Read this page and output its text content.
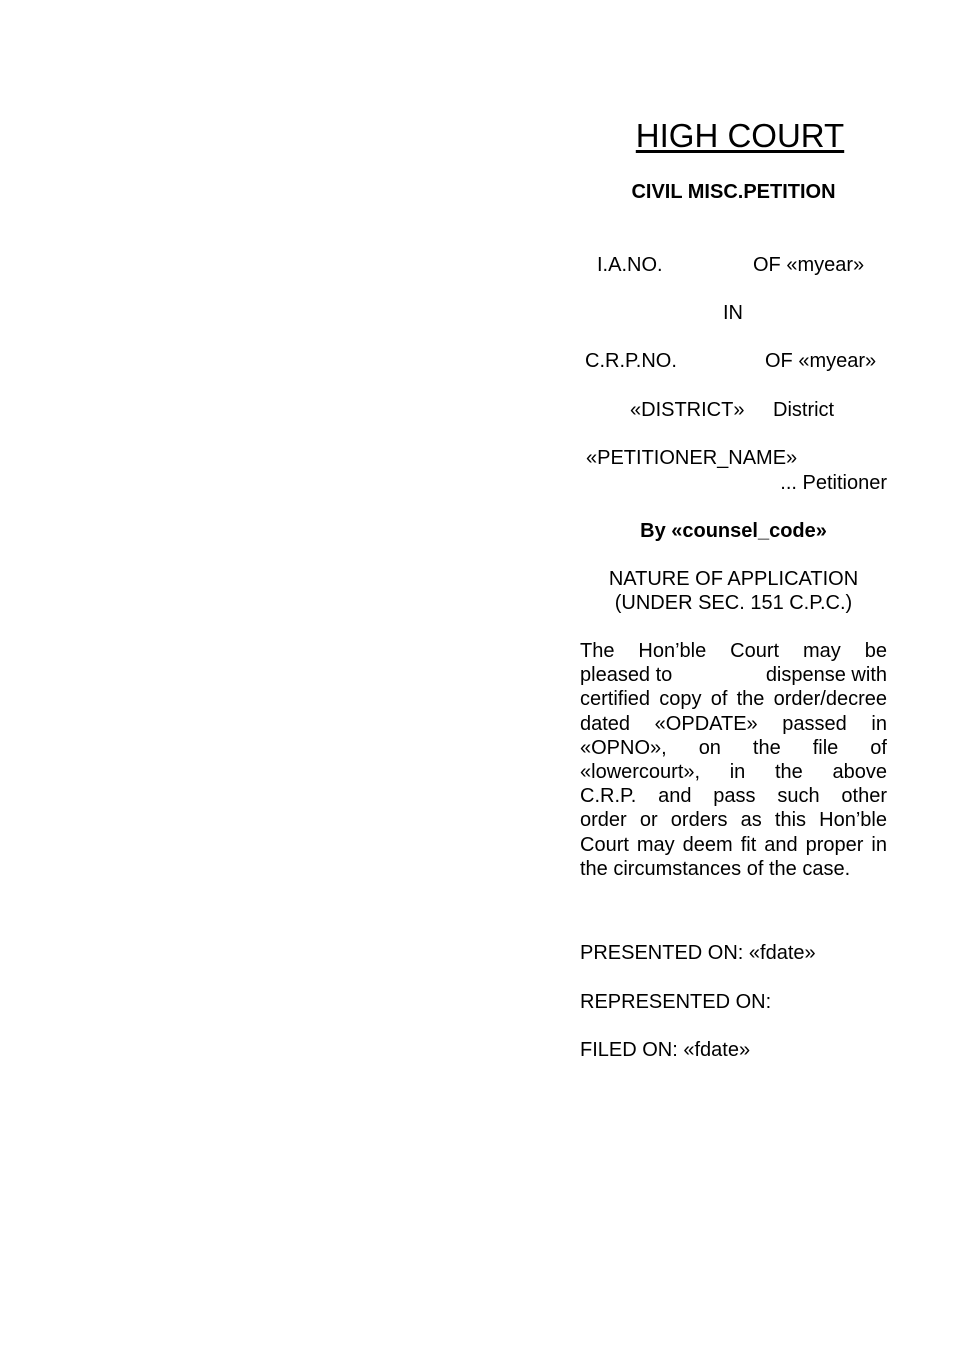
HIGH COURT
CIVIL MISC.PETITION
I.A.NO.	OF «myear»
IN
C.R.P.NO.	OF «myear»
«DISTRICT» District
«PETITIONER_NAME»
... Petitioner
By «counsel_code»
NATURE OF APPLICATION
(UNDER SEC. 151 C.P.C.)
The Hon’ble Court may be
pleased to	dispense with
certified copy of the order/decree
dated «OPDATE» passed in
«OPNO», on the file of
«lowercourt», in the above
C.R.P. and pass such other
order or orders as this Hon’ble
Court may deem fit and proper in
the circumstances of the case.
PRESENTED ON: «fdate»
REPRESENTED ON:
FILED ON: «fdate»
